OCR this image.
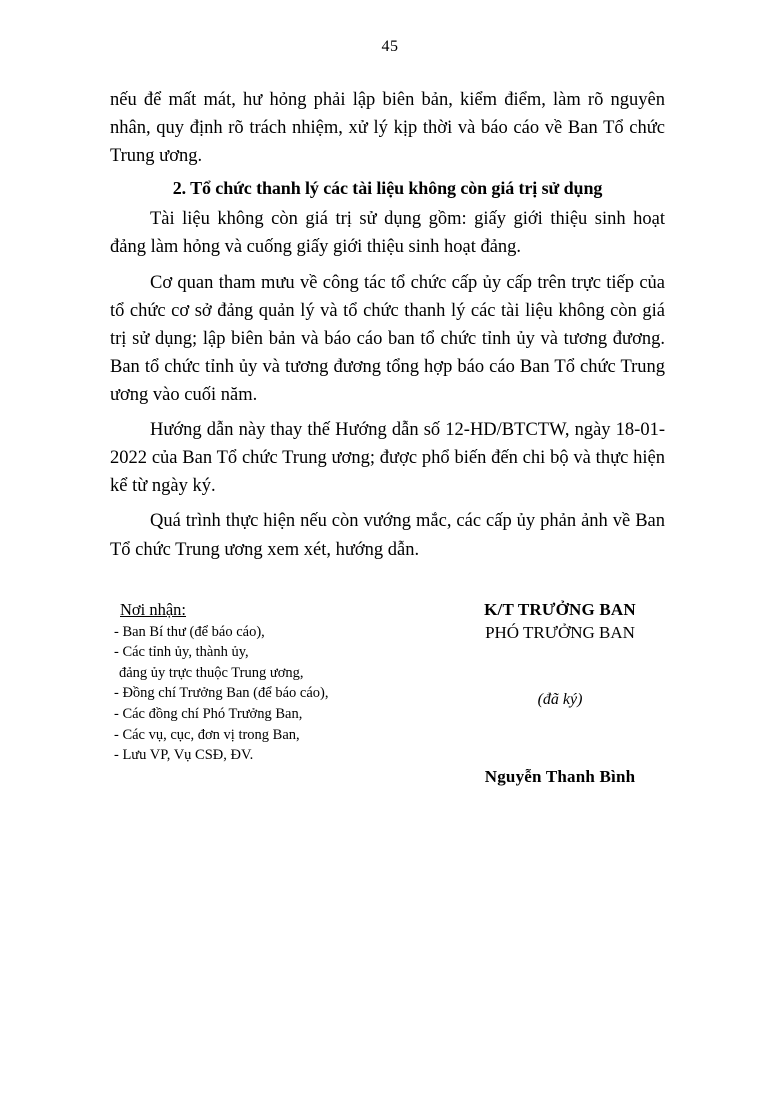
45

nếu để mất mát, hư hỏng phải lập biên bản, kiểm điểm, làm rõ nguyên nhân, quy định rõ trách nhiệm, xử lý kịp thời và báo cáo về Ban Tổ chức Trung ương.

2. Tổ chức thanh lý các tài liệu không còn giá trị sử dụng

Tài liệu không còn giá trị sử dụng gồm: giấy giới thiệu sinh hoạt đảng làm hỏng và cuống giấy giới thiệu sinh hoạt đảng.

Cơ quan tham mưu về công tác tổ chức cấp ủy cấp trên trực tiếp của tổ chức cơ sở đảng quản lý và tổ chức thanh lý các tài liệu không còn giá trị sử dụng; lập biên bản và báo cáo ban tổ chức tỉnh ủy và tương đương. Ban tổ chức tỉnh ủy và tương đương tổng hợp báo cáo Ban Tổ chức Trung ương vào cuối năm.

Hướng dẫn này thay thế Hướng dẫn số 12-HD/BTCTW, ngày 18-01-2022 của Ban Tổ chức Trung ương; được phổ biến đến chi bộ và thực hiện kể từ ngày ký.

Quá trình thực hiện nếu còn vướng mắc, các cấp ủy phản ảnh về Ban Tổ chức Trung ương xem xét, hướng dẫn.

Nơi nhận:
- Ban Bí thư (để báo cáo),
- Các tỉnh ủy, thành ủy,
đảng ủy trực thuộc Trung ương,
- Đồng chí Trưởng Ban (để báo cáo),
- Các đồng chí Phó Trưởng Ban,
- Các vụ, cục, đơn vị trong Ban,
- Lưu VP, Vụ CSĐ, ĐV.

K/T TRƯỞNG BAN

PHÓ TRƯỞNG BAN

(đã ký)

Nguyễn Thanh Bình
